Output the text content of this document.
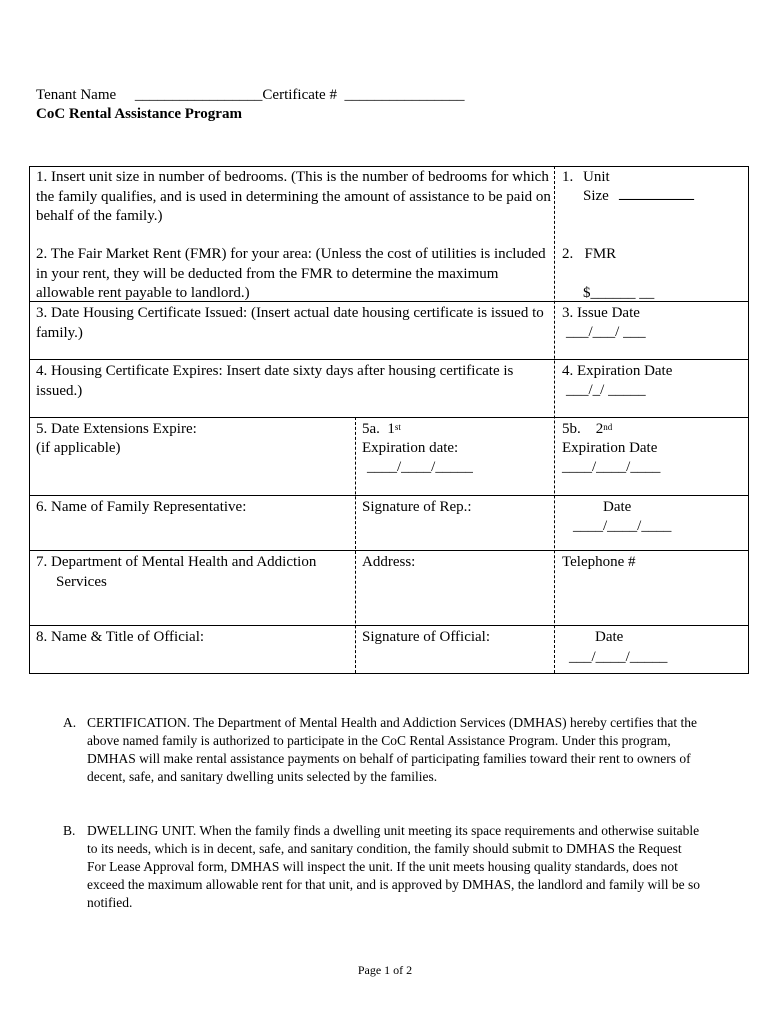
Tenant Name     _________________Certificate #  ________________
CoC Rental Assistance Program
1. Insert unit size in number of bedrooms. (This is the number of bedrooms for which the family qualifies, and is used in determining the amount of assistance to be paid on behalf of the family.)
2. The Fair Market Rent (FMR) for your area: (Unless the cost of utilities is included in your rent, they will be deducted from the FMR to determine the maximum allowable rent payable to landlord.)
1. Unit
Size __________
2.   FMR
$______ __
3. Date Housing Certificate Issued: (Insert actual date housing certificate is issued to family.)
3. Issue Date
___/___/ ___
4. Housing Certificate Expires: Insert date sixty days after housing certificate is issued.)
4. Expiration Date
___/_/ _____
5. Date Extensions Expire:
(if applicable)
5a.  1st
Expiration date:
____/____/_____
5b.    2nd
Expiration Date
____/____/____
6. Name of Family Representative:	Signature of Rep.:	Date
____/____/____
7. Department of Mental Health and Addiction Services
Address:	Telephone #
8. Name & Title of Official:	Signature of Official:	Date
___/____/_____
A. CERTIFICATION. The Department of Mental Health and Addiction Services (DMHAS) hereby certifies that the above named family is authorized to participate in the CoC Rental Assistance Program. Under this program, DMHAS will make rental assistance payments on behalf of participating families toward their rent to owners of decent, safe, and sanitary dwelling units selected by the families.
B. DWELLING UNIT. When the family finds a dwelling unit meeting its space requirements and otherwise suitable to its needs, which is in decent, safe, and sanitary condition, the family should submit to DMHAS the Request For Lease Approval form, DMHAS will inspect the unit. If the unit meets housing quality standards, does not exceed the maximum allowable rent for that unit, and is approved by DMHAS, the landlord and family will be so notified.
Page 1 of 2
